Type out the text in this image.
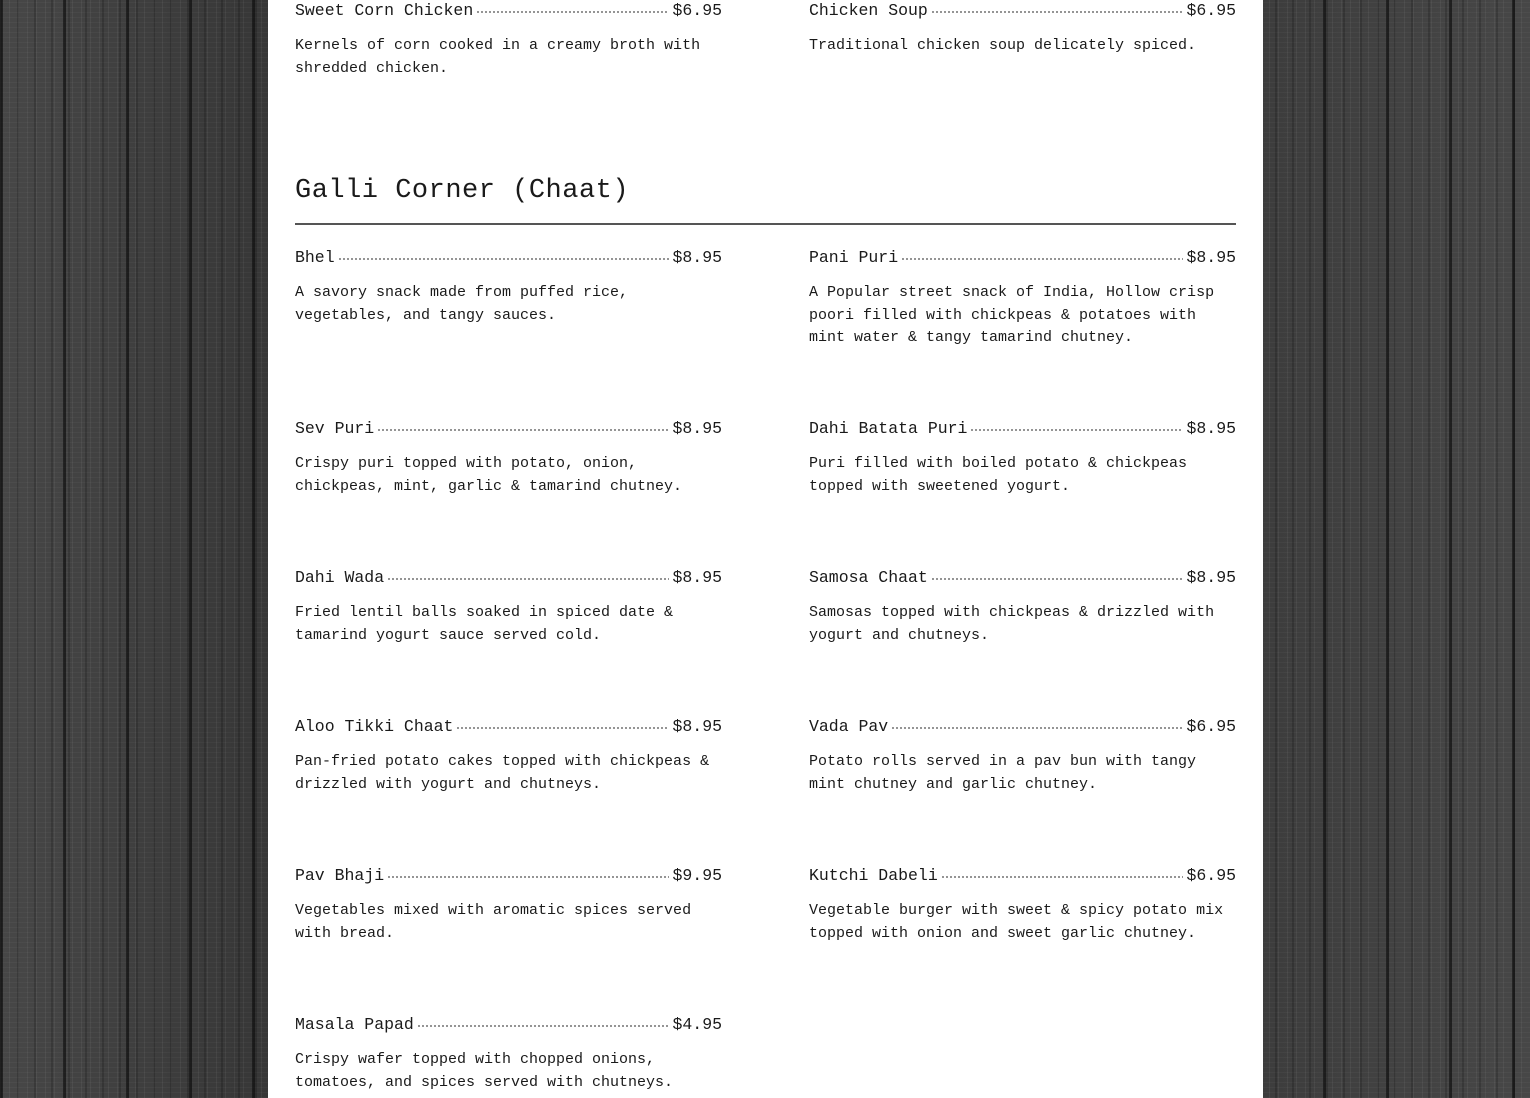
Sweet Corn Chicken	$6.95

Kernels of corn cooked in a creamy broth with shredded chicken.

Chicken Soup	$6.95

Traditional chicken soup delicately spiced.

Galli Corner (Chaat)
Bhel	$8.95

A savory snack made from puffed rice, vegetables, and tangy sauces.

Pani Puri	$8.95

A Popular street snack of India, Hollow crisp poori filled with chickpeas & potatoes with mint water & tangy tamarind chutney.

Sev Puri	$8.95

Crispy puri topped with potato, onion, chickpeas, mint, garlic & tamarind chutney.

Dahi Batata Puri	$8.95

Puri filled with boiled potato & chickpeas topped with sweetened yogurt.

Dahi Wada	$8.95

Fried lentil balls soaked in spiced date & tamarind yogurt sauce served cold.

Samosa Chaat	$8.95

Samosas topped with chickpeas & drizzled with yogurt and chutneys.

Aloo Tikki Chaat	$8.95

Pan-fried potato cakes topped with chickpeas & drizzled with yogurt and chutneys.

Vada Pav	$6.95

Potato rolls served in a pav bun with tangy mint chutney and garlic chutney.

Pav Bhaji	$9.95

Vegetables mixed with aromatic spices served with bread.

Kutchi Dabeli	$6.95

Vegetable burger with sweet & spicy potato mix topped with onion and sweet garlic chutney.

Masala Papad	$4.95

Crispy wafer topped with chopped onions, tomatoes, and spices served with chutneys.
